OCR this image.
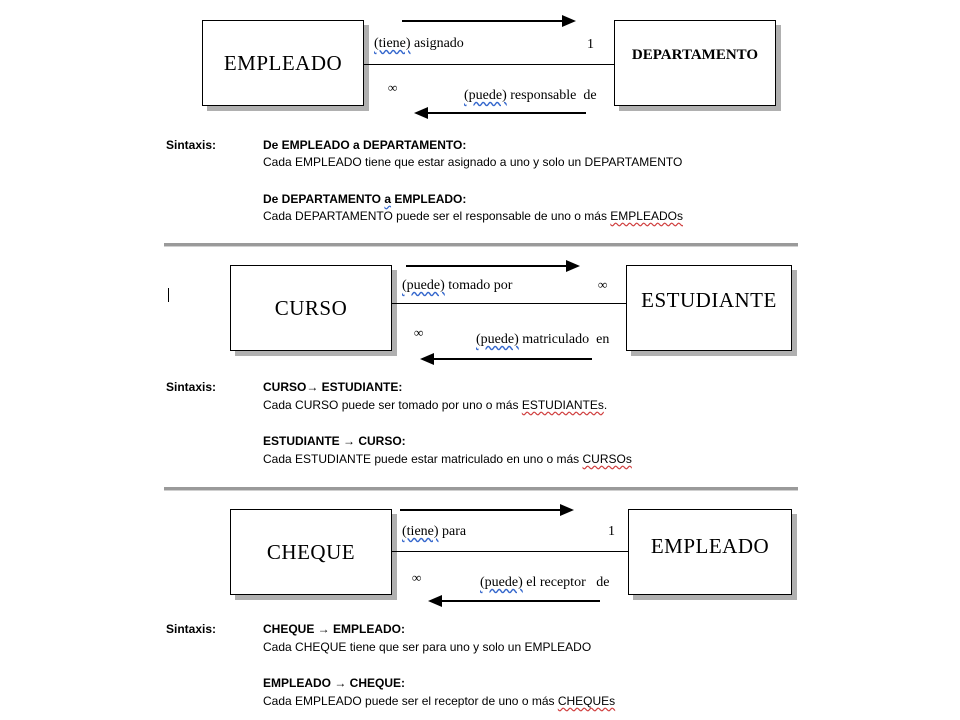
EMPLEADO	DEPARTAMENTO
(tiene) asignado	1
∞
(puede) responsable  de
Sintaxis:	De EMPLEADO a DEPARTAMENTO:
Cada EMPLEADO tiene que estar asignado a uno y solo un DEPARTAMENTO
De DEPARTAMENTO a EMPLEADO:
Cada DEPARTAMENTO puede ser el responsable de uno o más EMPLEADOs
CURSO	ESTUDIANTE
(puede) tomado por	∞
∞	(puede) matriculado  en
Sintaxis:	CURSO→ ESTUDIANTE:
Cada CURSO puede ser tomado por uno o más ESTUDIANTEs.
ESTUDIANTE → CURSO:
Cada ESTUDIANTE puede estar matriculado en uno o más CURSOs
CHEQUE	EMPLEADO
(tiene) para	1
∞	(puede) el receptor   de
Sintaxis:	CHEQUE → EMPLEADO:
Cada CHEQUE tiene que ser para uno y solo un EMPLEADO
EMPLEADO → CHEQUE:
Cada EMPLEADO puede ser el receptor de uno o más CHEQUEs
